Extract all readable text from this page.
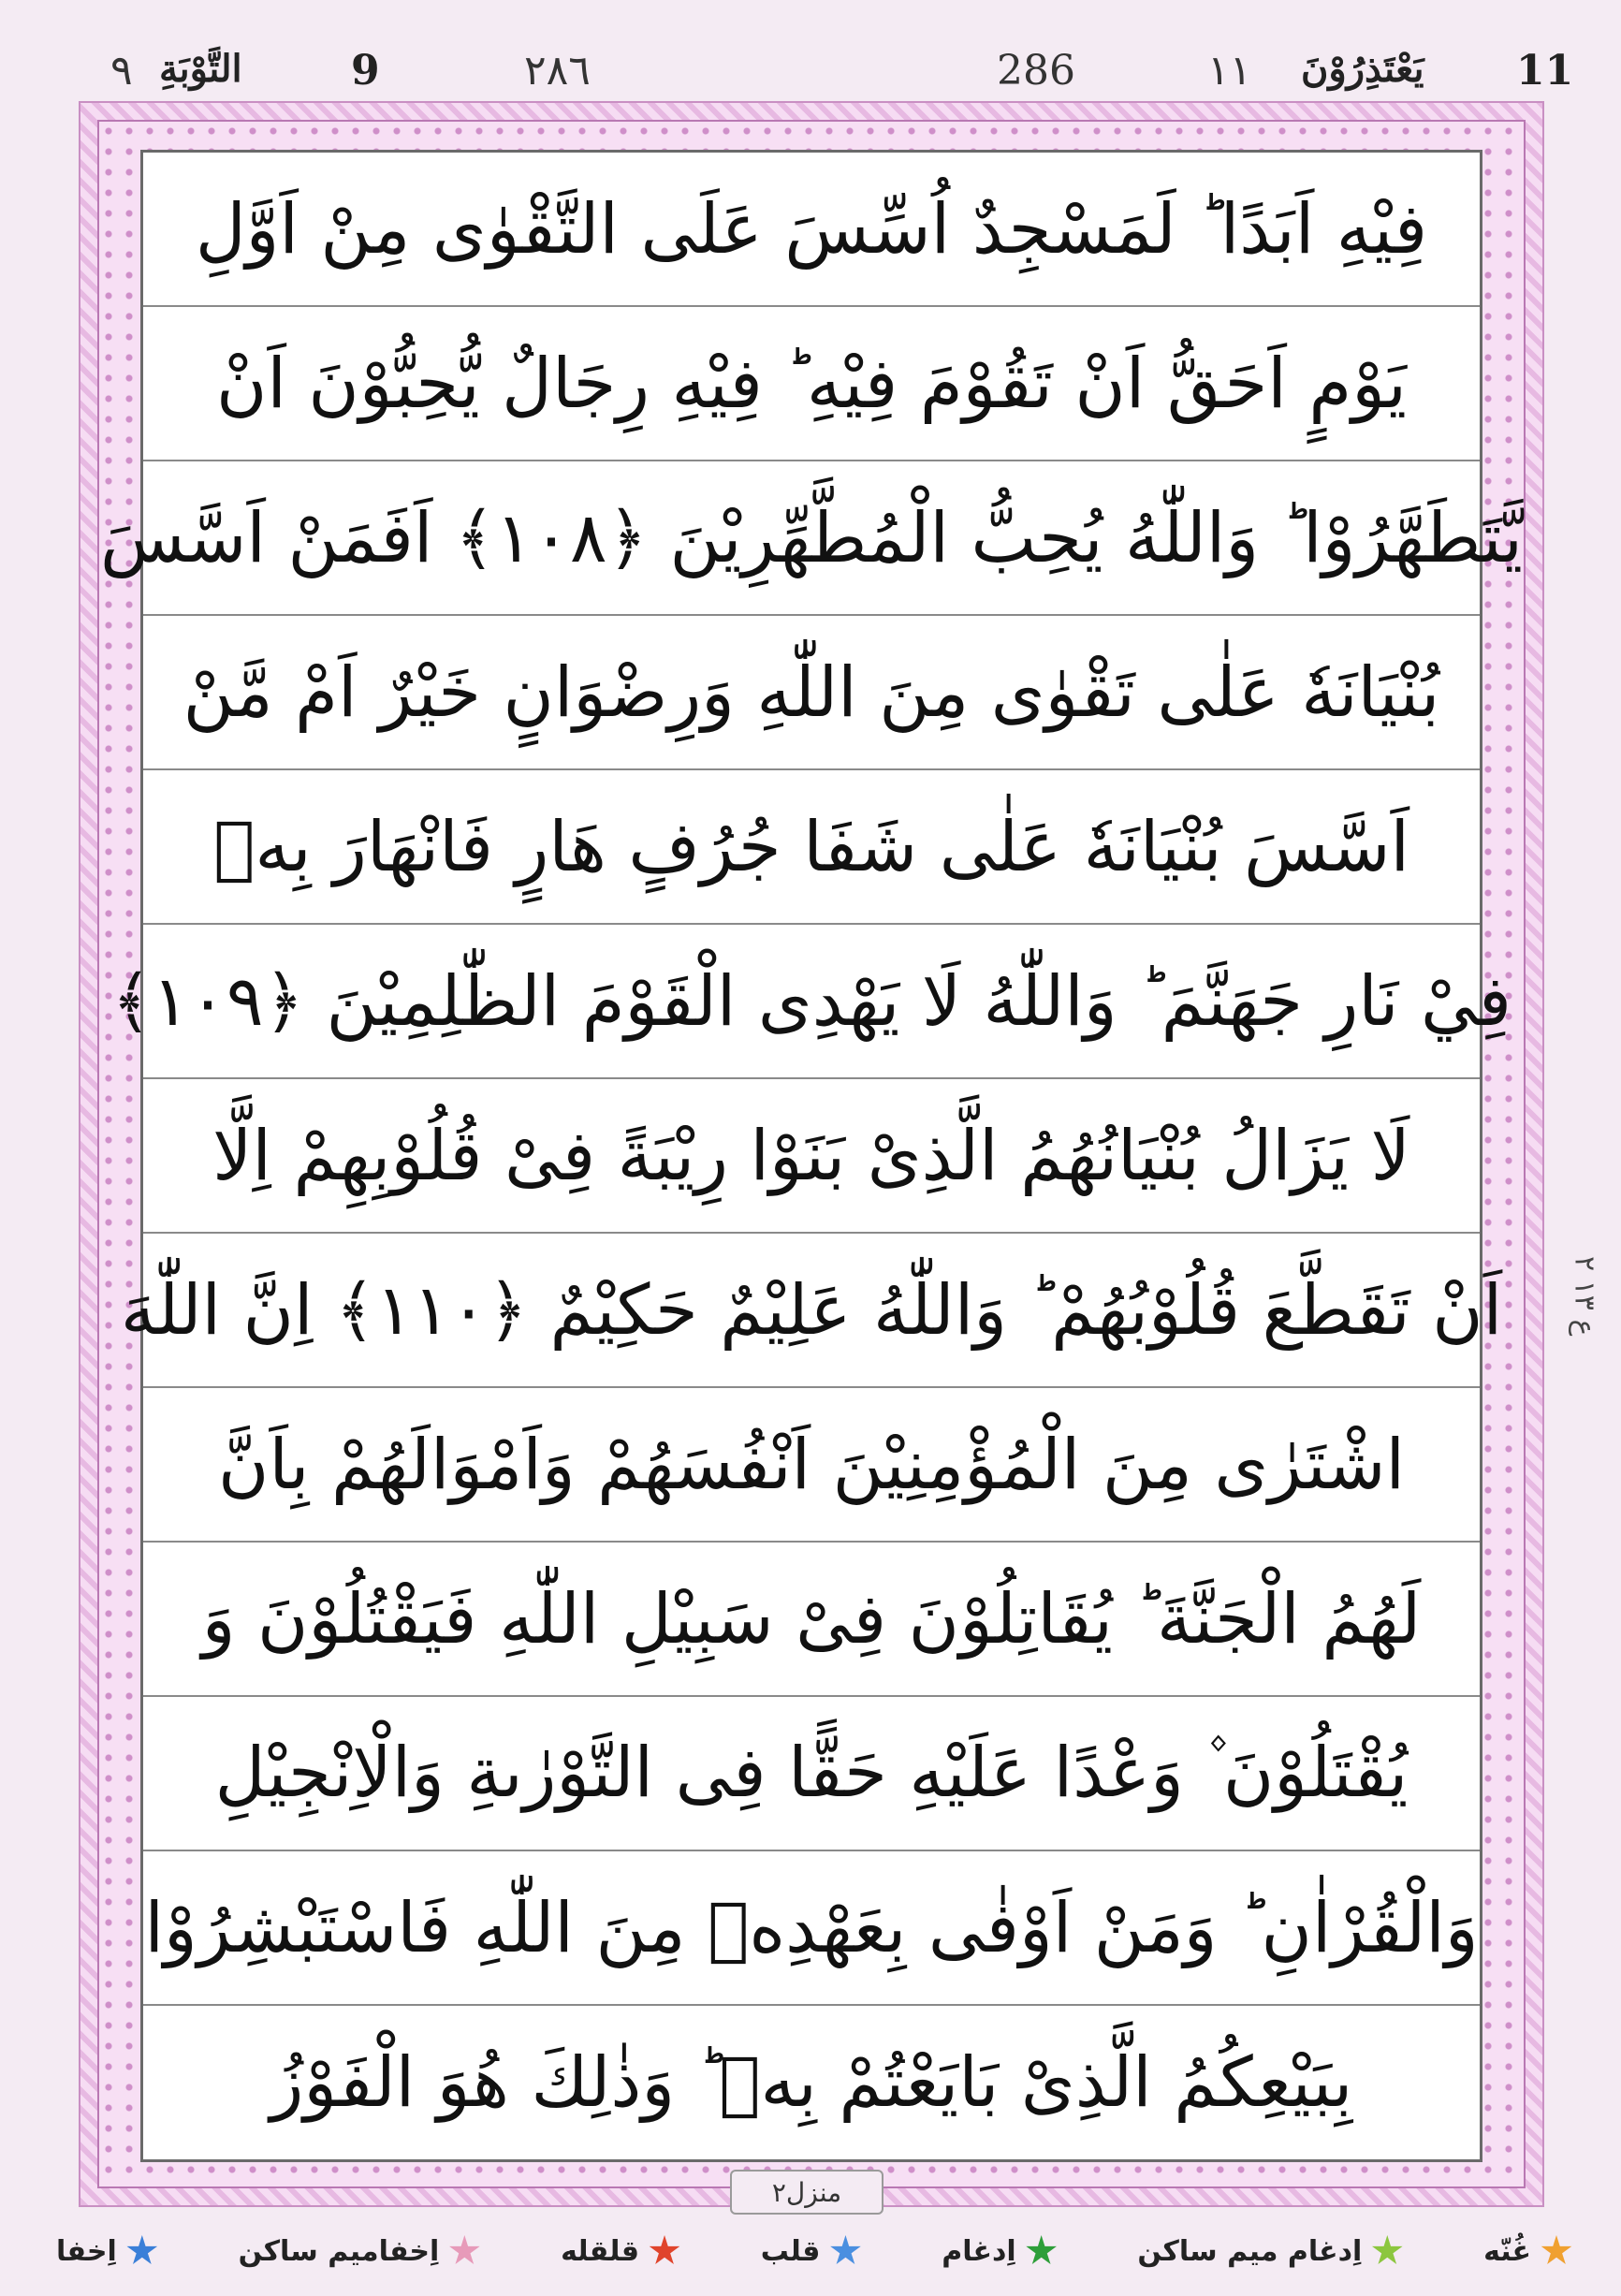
11
يَعْتَذِرُوْنَ
١١
286
٢٨٦
9
التَّوْبَةِ
٩
فِيْهِ اَبَدًا ؕ لَمَسْجِدٌ اُسِّسَ عَلَى التَّقْوٰى مِنْ اَوَّلِ
يَوْمٍ اَحَقُّ اَنْ تَقُوْمَ فِيْهِ ؕ فِيْهِ رِجَالٌ يُّحِبُّوْنَ اَنْ
يَّتَطَهَّرُوْا ؕ وَاللّٰهُ يُحِبُّ الْمُطَّهِّرِيْنَ ﴿١٠٨﴾ اَفَمَنْ اَسَّسَ
بُنْيَانَهٗ عَلٰى تَقْوٰى مِنَ اللّٰهِ وَرِضْوَانٍ خَيْرٌ اَمْ مَّنْ
اَسَّسَ بُنْيَانَهٗ عَلٰى شَفَا جُرُفٍ هَارٍ فَانْهَارَ بِهٖ
فِيْ نَارِ جَهَنَّمَ ؕ وَاللّٰهُ لَا يَهْدِى الْقَوْمَ الظّٰلِمِيْنَ ﴿١٠٩﴾
لَا يَزَالُ بُنْيَانُهُمُ الَّذِىْ بَنَوْا رِيْبَةً فِىْ قُلُوْبِهِمْ اِلَّا
اَنْ تَقَطَّعَ قُلُوْبُهُمْ ؕ وَاللّٰهُ عَلِيْمٌ حَكِيْمٌ ﴿١١٠﴾ اِنَّ اللّٰهَ
اشْتَرٰى مِنَ الْمُؤْمِنِيْنَ اَنْفُسَهُمْ وَاَمْوَالَهُمْ بِاَنَّ
لَهُمُ الْجَنَّةَ ؕ يُقَاتِلُوْنَ فِىْ سَبِيْلِ اللّٰهِ فَيَقْتُلُوْنَ وَ
يُقْتَلُوْنَ ۫ وَعْدًا عَلَيْهِ حَقًّا فِى التَّوْرٰىةِ وَالْاِنْجِيْلِ
وَالْقُرْاٰنِ ؕ وَمَنْ اَوْفٰى بِعَهْدِهٖ مِنَ اللّٰهِ فَاسْتَبْشِرُوْا
بِبَيْعِكُمُ الَّذِىْ بَايَعْتُمْ بِهٖ ؕ وَذٰلِكَ هُوَ الْفَوْزُ
ع ١٣ ٢
منزل٢
اِخفا	اِخفامیم ساکن	قلقله	قلب	اِدغام	اِدغام میم ساکن	غُنّه
